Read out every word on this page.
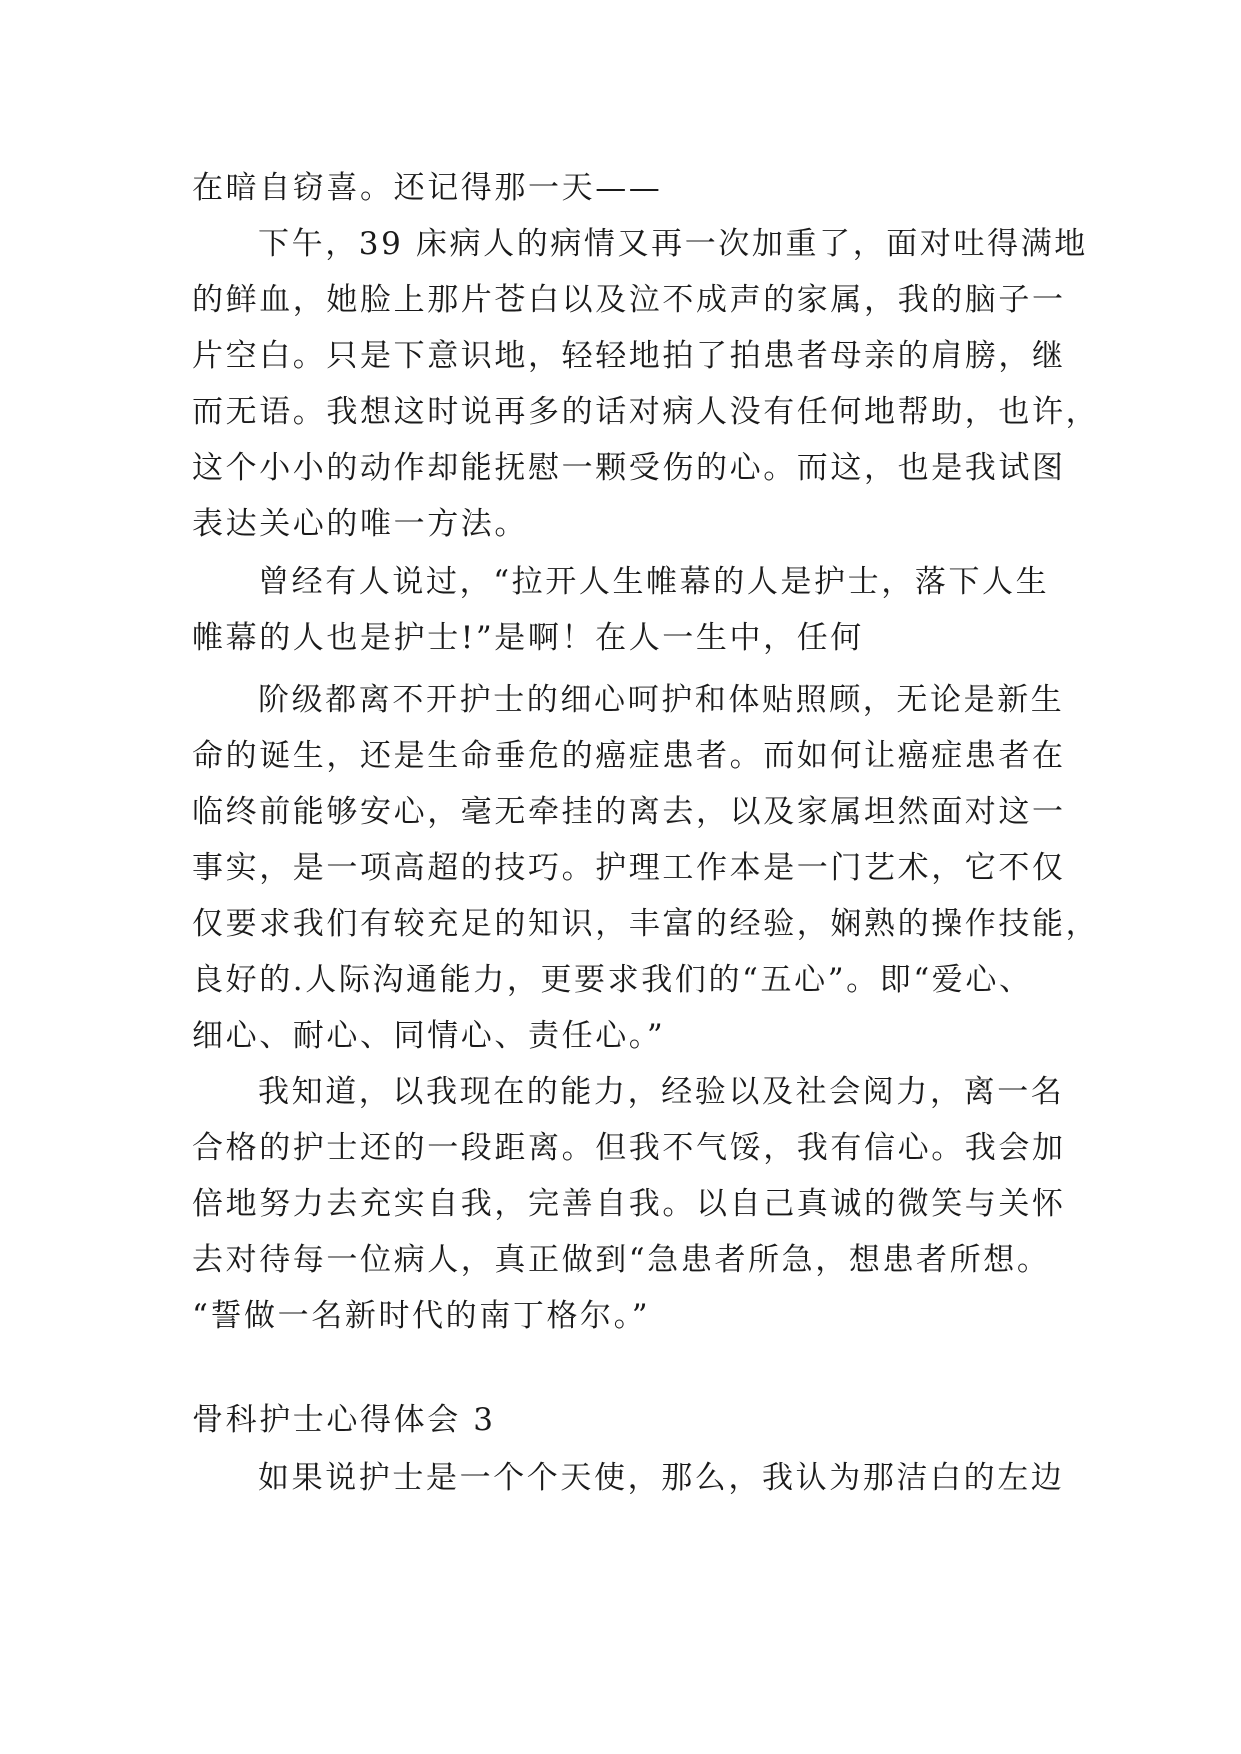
在暗自窃喜。还记得那一天——
下午，39 床病人的病情又再一次加重了，面对吐得满地
的鲜血，她脸上那片苍白以及泣不成声的家属，我的脑子一
片空白。只是下意识地，轻轻地拍了拍患者母亲的肩膀，继
而无语。我想这时说再多的话对病人没有任何地帮助，也许，
这个小小的动作却能抚慰一颗受伤的心。而这，也是我试图
表达关心的唯一方法。
曾经有人说过，“拉开人生帷幕的人是护士，落下人生
帷幕的人也是护士!”是啊！在人一生中，任何
阶级都离不开护士的细心呵护和体贴照顾，无论是新生
命的诞生，还是生命垂危的癌症患者。而如何让癌症患者在
临终前能够安心，毫无牵挂的离去，以及家属坦然面对这一
事实，是一项高超的技巧。护理工作本是一门艺术，它不仅
仅要求我们有较充足的知识，丰富的经验，娴熟的操作技能，
良好的.人际沟通能力，更要求我们的“五心”。即“爱心、
细心、耐心、同情心、责任心。”
我知道，以我现在的能力，经验以及社会阅力，离一名
合格的护士还的一段距离。但我不气馁，我有信心。我会加
倍地努力去充实自我，完善自我。以自己真诚的微笑与关怀
去对待每一位病人，真正做到“急患者所急，想患者所想。
“誓做一名新时代的南丁格尔。”
骨科护士心得体会 3
如果说护士是一个个天使，那么，我认为那洁白的左边
